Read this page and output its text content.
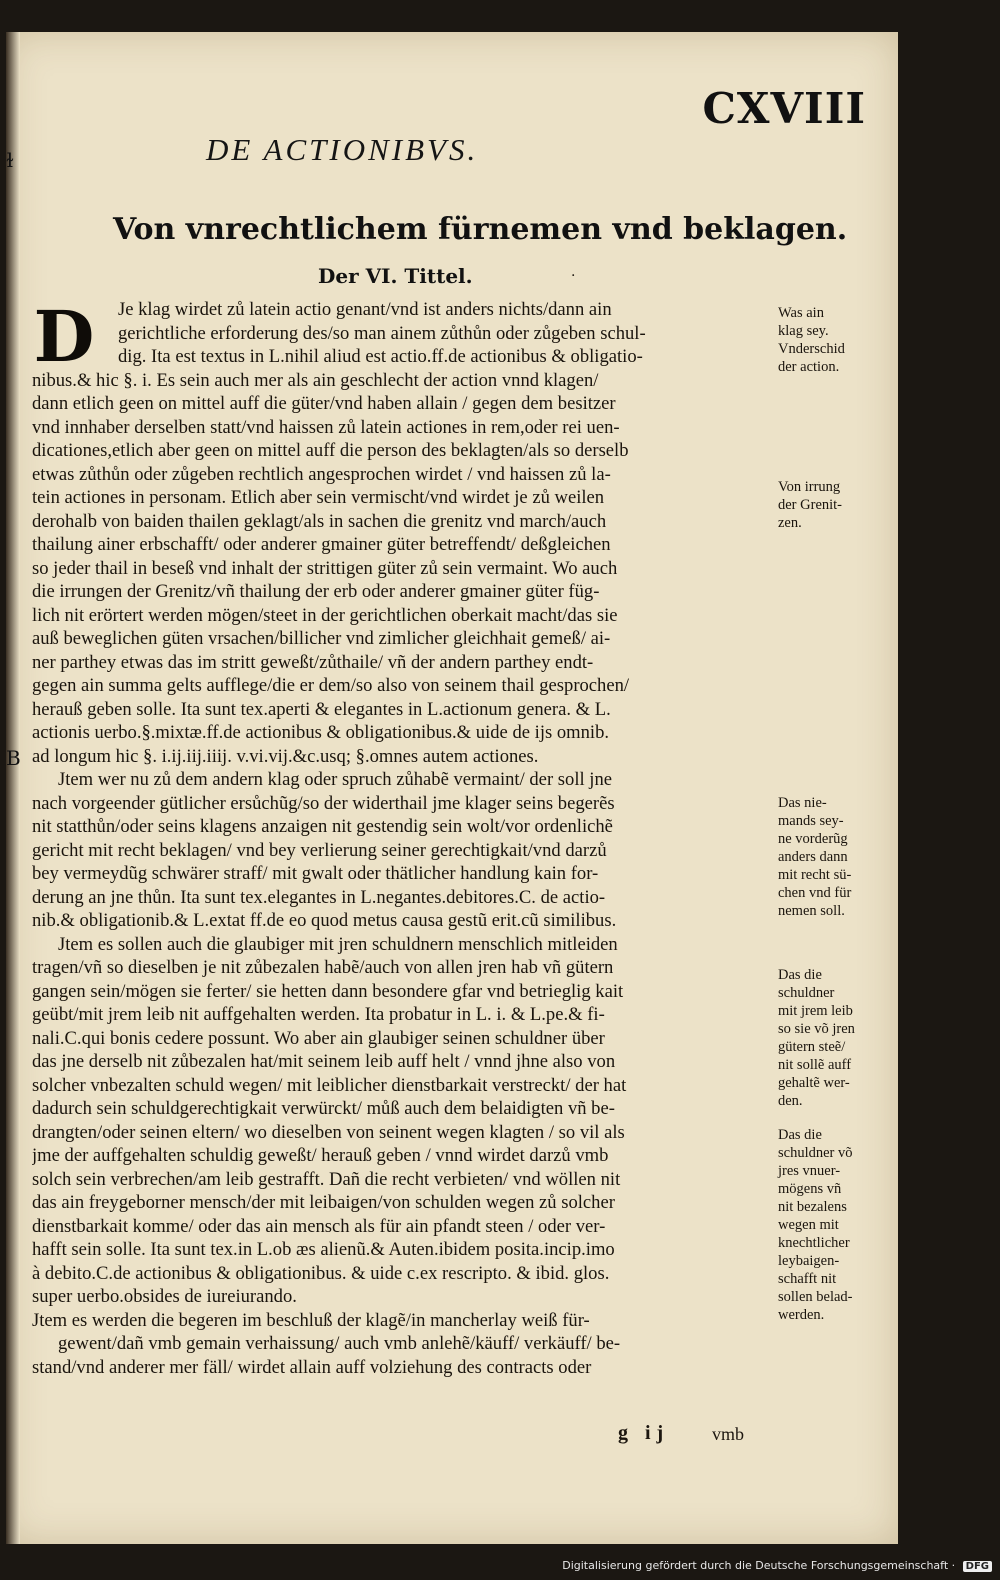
ɫ
B
CXVIII
DE ACTIONIBVS.
Von vnrechtlichem fürnemen vnd beklagen.
Der VI. Tittel.	·
D	Je klag wirdet zů latein actio genant/vnd ist anders nichts/dann ain
gerichtliche erforderung des/so man ainem zůthůn oder zůgeben schul-
dig. Ita est textus in L.nihil aliud est actio.ff.de actionibus & obligatio-
nibus.& hic §. i. Es sein auch mer als ain geschlecht der action vnnd klagen/
dann etlich geen on mittel auff die güter/vnd haben allain / gegen dem besitzer
vnd innhaber derselben statt/vnd haissen zů latein actiones in rem,oder rei uen-
dicationes,etlich aber geen on mittel auff die person des beklagten/als so derselb
etwas zůthůn oder zůgeben rechtlich angesprochen wirdet / vnd haissen zů la-
tein actiones in personam. Etlich aber sein vermischt/vnd wirdet je zů weilen
derohalb von baiden thailen geklagt/als in sachen die grenitz vnd march/auch
thailung ainer erbschafft/ oder anderer gmainer güter betreffendt/ deßgleichen
so jeder thail in beseß vnd inhalt der strittigen güter zů sein vermaint. Wo auch
die irrungen der Grenitz/vñ thailung der erb oder anderer gmainer güter füg-
lich nit erörtert werden mögen/steet in der gerichtlichen oberkait macht/das sie
auß beweglichen güten vrsachen/billicher vnd zimlicher gleichhait gemeß/ ai-
ner parthey etwas das im stritt geweßt/zůthaile/ vñ der andern parthey endt-
gegen ain summa gelts aufflege/die er dem/so also von seinem thail gesprochen/
herauß geben solle. Ita sunt tex.aperti & elegantes in L.actionum genera. & L.
actionis uerbo.§.mixtæ.ff.de actionibus & obligationibus.& uide de ijs omnib.
ad longum hic §. i.ij.iij.iiij. v.vi.vij.&c.usq; §.omnes autem actiones.
Jtem wer nu zů dem andern klag oder spruch zůhabẽ vermaint/ der soll jne
nach vorgeender gütlicher ersůchũg/so der widerthail jme klager seins begerẽs
nit statthůn/oder seins klagens anzaigen nit gestendig sein wolt/vor ordenlichẽ
gericht mit recht beklagen/ vnd bey verlierung seiner gerechtigkait/vnd darzů
bey vermeydũg schwärer straff/ mit gwalt oder thätlicher handlung kain for-
derung an jne thůn. Ita sunt tex.elegantes in L.negantes.debitores.C. de actio-
nib.& obligationib.& L.extat ff.de eo quod metus causa gestũ erit.cũ similibus.
Jtem es sollen auch die glaubiger mit jren schuldnern menschlich mitleiden
tragen/vñ so dieselben je nit zůbezalen habẽ/auch von allen jren hab vñ gütern
gangen sein/mögen sie ferter/ sie hetten dann besondere gfar vnd betrieglig kait
geübt/mit jrem leib nit auffgehalten werden. Ita probatur in L. i. & L.pe.& fi-
nali.C.qui bonis cedere possunt. Wo aber ain glaubiger seinen schuldner über
das jne derselb nit zůbezalen hat/mit seinem leib auff helt / vnnd jhne also von
solcher vnbezalten schuld wegen/ mit leiblicher dienstbarkait verstreckt/ der hat
dadurch sein schuldgerechtigkait verwürckt/ můß auch dem belaidigten vñ be-
drangten/oder seinen eltern/ wo dieselben von seinent wegen klagten / so vil als
jme der auffgehalten schuldig geweßt/ herauß geben / vnnd wirdet darzů vmb
solch sein verbrechen/am leib gestrafft. Dañ die recht verbieten/ vnd wöllen nit
das ain freygeborner mensch/der mit leibaigen/von schulden wegen zů solcher
dienstbarkait komme/ oder das ain mensch als für ain pfandt steen / oder ver-
hafft sein solle. Ita sunt tex.in L.ob æs alienũ.& Auten.ibidem posita.incip.imo
à debito.C.de actionibus & obligationibus. & uide c.ex rescripto. & ibid. glos.
super uerbo.obsides de iureiurando.
Jtem es werden die begeren im beschluß der klagẽ/in mancherlay weiß für-
gewent/dañ vmb gemain verhaissung/ auch vmb anlehẽ/käuff/ verkäuff/ be-
stand/vnd anderer mer fäll/ wirdet allain auff volziehung des contracts oder
Was ain
klag sey.
Vnderschid
der action.
Von irrung
der Grenit-
zen.
Das nie-
mands sey-
ne vorderũg
anders dann
mit recht sü-
chen vnd für
nemen soll.
Das die
schuldner
mit jrem leib
so sie võ jren
gütern steẽ/
nit sollẽ auff
gehaltẽ wer-
den.
Das die
schuldner võ
jres vnuer-
mögens vñ
nit bezalens
wegen mit
knechtlicher
leybaigen-
schafft nit
sollen belad-
werden.
g ij vmb
Digitalisierung gefördert durch die Deutsche Forschungsgemeinschaft · DFG
